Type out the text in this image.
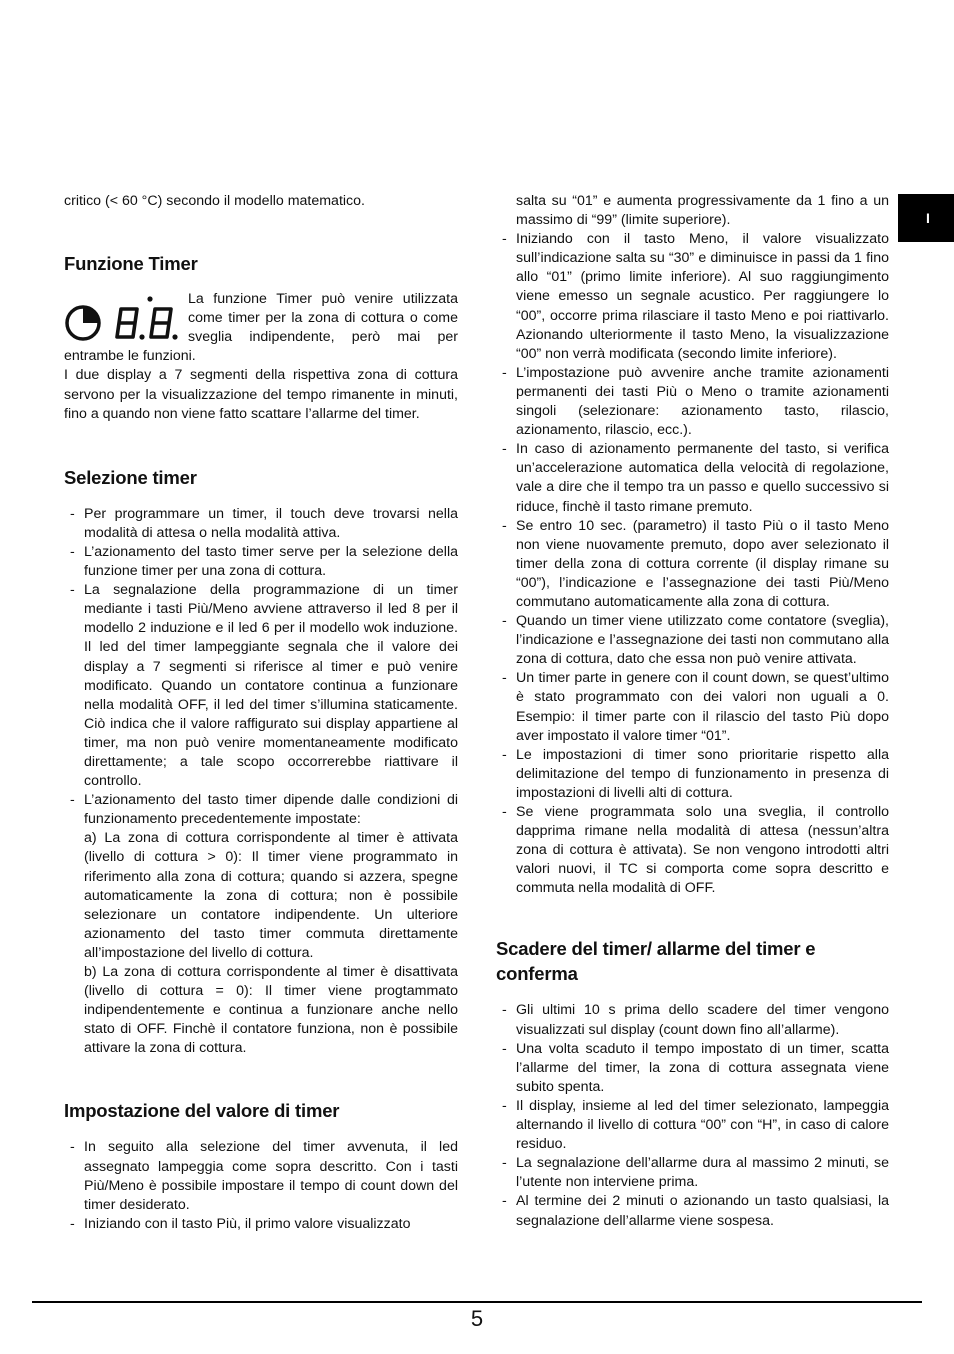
I

critico (< 60 °C) secondo il modello matematico.

Funzione Timer

La funzione Timer può venire utilizzata come timer per la zona di cottura o come sveglia indipendente, però mai per entrambe le funzioni.

I due display a 7 segmenti della rispettiva zona di cottura servono per la visualizzazione del tempo rimanente in minuti, fino a quando non viene fatto scattare l’allarme del timer.

Selezione timer
- Per programmare un timer, il touch deve trovarsi nella modalità di attesa o nella modalità attiva.
- L’azionamento del tasto timer serve per la selezione della funzione timer per una zona di cottura.
- La segnalazione della programmazione di un timer mediante i tasti Più/Meno avviene attraverso il led 8 per il modello 2 induzione e il led 6 per il modello wok induzione. Il led del timer lampeggiante segnala che il valore dei display a 7 segmenti si riferisce al timer e può venire modificato. Quando un contatore continua a funzionare nella modalità OFF, il led del timer s’illumina staticamente. Ciò indica che il valore raffigurato sui display appartiene al timer, ma non può venire momentaneamente modificato direttamente; a tale scopo occorrerebbe riattivare il controllo.
- L’azionamento del tasto timer dipende dalle condizioni di funzionamento precedentemente impostate:
a) La zona di cottura corrispondente al timer è attivata (livello di cottura > 0): Il timer viene programmato in riferimento alla zona di cottura; quando si azzera, spegne automaticamente la zona di cottura; non è possibile selezionare un contatore indipendente. Un ulteriore azionamento del tasto timer commuta direttamente all’impostazione del livello di cottura.
b) La zona di cottura corrispondente al timer è disattivata (livello di cottura = 0): Il timer viene progtammato indipendentemente e continua a funzionare anche nello stato di OFF. Finchè il contatore funziona, non è possibile attivare la zona di cottura.
Impostazione del valore di timer
- In seguito alla selezione del timer avvenuta, il led assegnato lampeggia come sopra descritto. Con i tasti Più/Meno è possibile impostare il tempo di count down del timer desiderato.
- Iniziando con il tasto Più, il primo valore visualizzato

salta su “01” e aumenta progressivamente da 1 fino a un massimo di “99” (limite superiore).

- Iniziando con il tasto Meno, il valore visualizzato sull’indicazione salta su “30” e diminuisce in passi da 1 fino allo “01” (primo limite inferiore). Al suo raggiungimento viene emesso un segnale acustico. Per raggiungere lo “00”, occorre prima rilasciare il tasto Meno e poi riattivarlo. Azionando ulteriormente il tasto Meno, la visualizzazione “00” non verrà modificata (secondo limite inferiore).
- L’impostazione può avvenire anche tramite azionamenti permanenti dei tasti Più o Meno o tramite azionamenti singoli (selezionare: azionamento tasto, rilascio, azionamento, rilascio, ecc.).
- In caso di azionamento permanente del tasto, si verifica un’accelerazione automatica della velocità di regolazione, vale a dire che il tempo tra un passo e quello successivo si riduce, finchè il tasto rimane premuto.
- Se entro 10 sec. (parametro) il tasto Più o il tasto Meno non viene nuovamente premuto, dopo aver selezionato il timer della zona di cottura corrente (il display rimane su “00”), l’indicazione e l’assegnazione dei tasti Più/Meno commutano automaticamente alla zona di cottura.
- Quando un timer viene utilizzato come contatore (sveglia), l’indicazione e l’assegnazione dei tasti non commutano alla zona di cottura, dato che essa non può venire attivata.
- Un timer parte in genere con il count down, se quest’ultimo è stato programmato con dei valori non uguali a 0. Esempio: il timer parte con il rilascio del tasto Più dopo aver impostato il valore timer “01”.
- Le impostazioni di timer sono prioritarie rispetto alla delimitazione del tempo di funzionamento in presenza di impostazioni di livelli alti di cottura.
- Se viene programmata solo una sveglia, il controllo dapprima rimane nella modalità di attesa (nessun’altra zona di cottura è attivata). Se non vengono introdotti altri valori nuovi, il TC si comporta come sopra descritto e commuta nella modalità di OFF.
Scadere del timer/ allarme del timer e conferma
- Gli ultimi 10 s prima dello scadere del timer vengono visualizzati sul display (count down fino all’allarme).
- Una volta scaduto il tempo impostato di un timer, scatta l’allarme del timer, la zona di cottura assegnata viene subito spenta.
- Il display, insieme al led del timer selezionato, lampeggia alternando il livello di cottura “00” con “H”, in caso di calore residuo.
- La segnalazione dell’allarme dura al massimo 2 minuti, se l’utente non interviene prima.
- Al termine dei 2 minuti o azionando un tasto qualsiasi, la segnalazione dell’allarme viene sospesa.
5
